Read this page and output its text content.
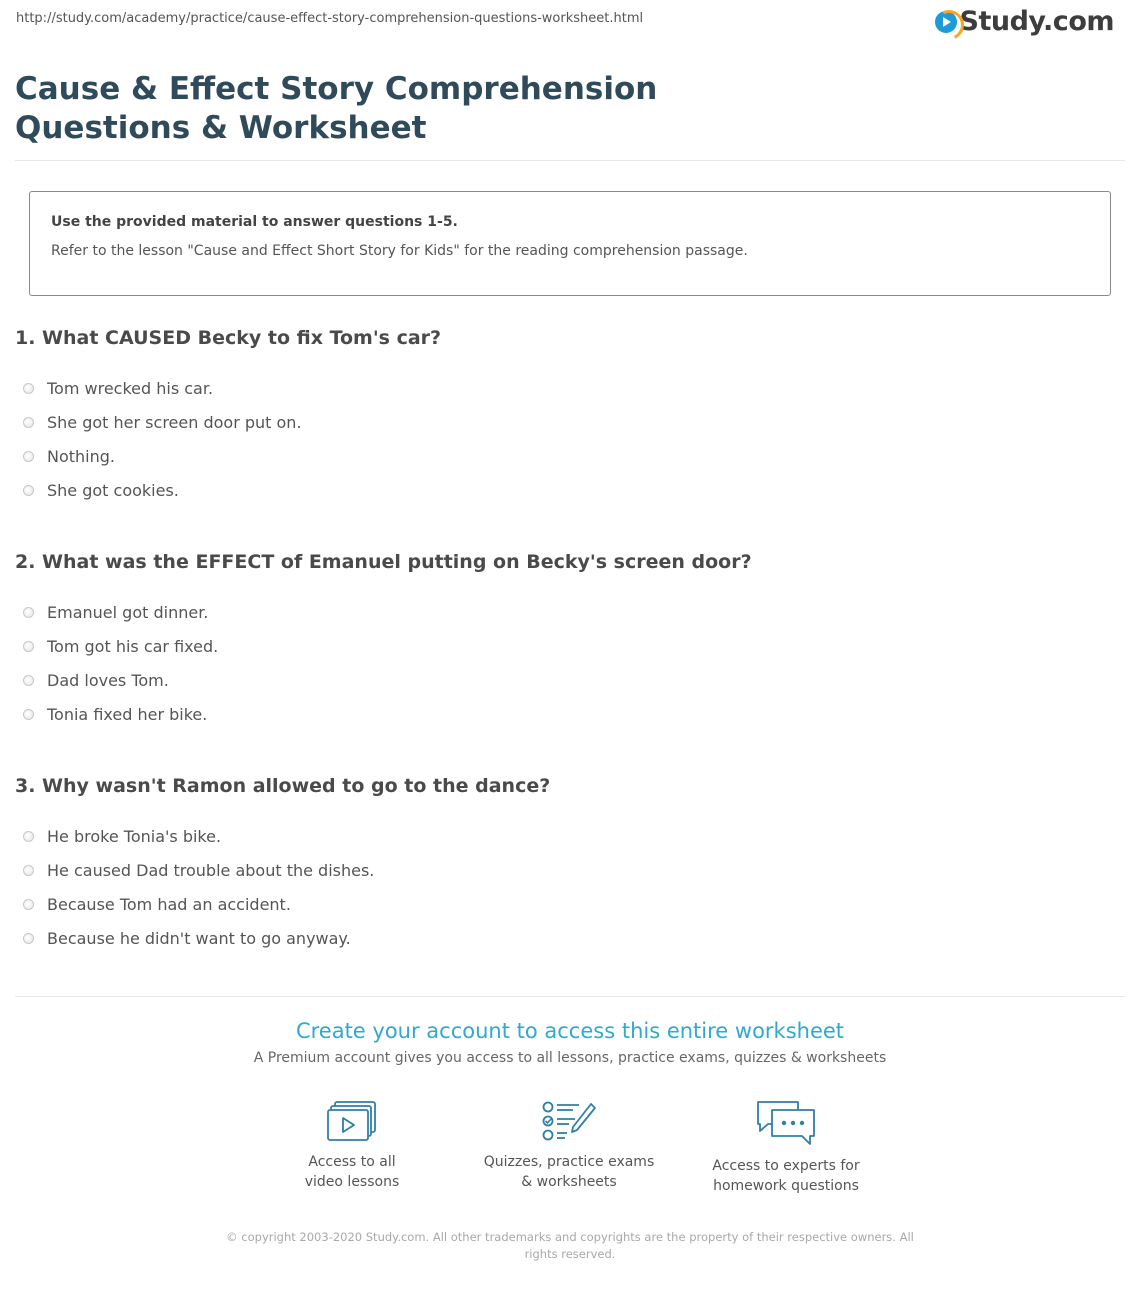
http://study.com/academy/practice/cause-effect-story-comprehension-questions-worksheet.html	Study.com
Cause & Effect Story Comprehension Questions & Worksheet
Use the provided material to answer questions 1-5.
Refer to the lesson "Cause and Effect Short Story for Kids" for the reading comprehension passage.
1. What CAUSED Becky to fix Tom's car?
Tom wrecked his car.
She got her screen door put on.
Nothing.
She got cookies.
2. What was the EFFECT of Emanuel putting on Becky's screen door?
Emanuel got dinner.
Tom got his car fixed.
Dad loves Tom.
Tonia fixed her bike.
3. Why wasn't Ramon allowed to go to the dance?
He broke Tonia's bike.
He caused Dad trouble about the dishes.
Because Tom had an accident.
Because he didn't want to go anyway.
Create your account to access this entire worksheet
A Premium account gives you access to all lessons, practice exams, quizzes & worksheets
Access to all
video lessons
Quizzes, practice exams
& worksheets
Access to experts for
homework questions
© copyright 2003-2020 Study.com. All other trademarks and copyrights are the property of their respective owners. All rights reserved.
